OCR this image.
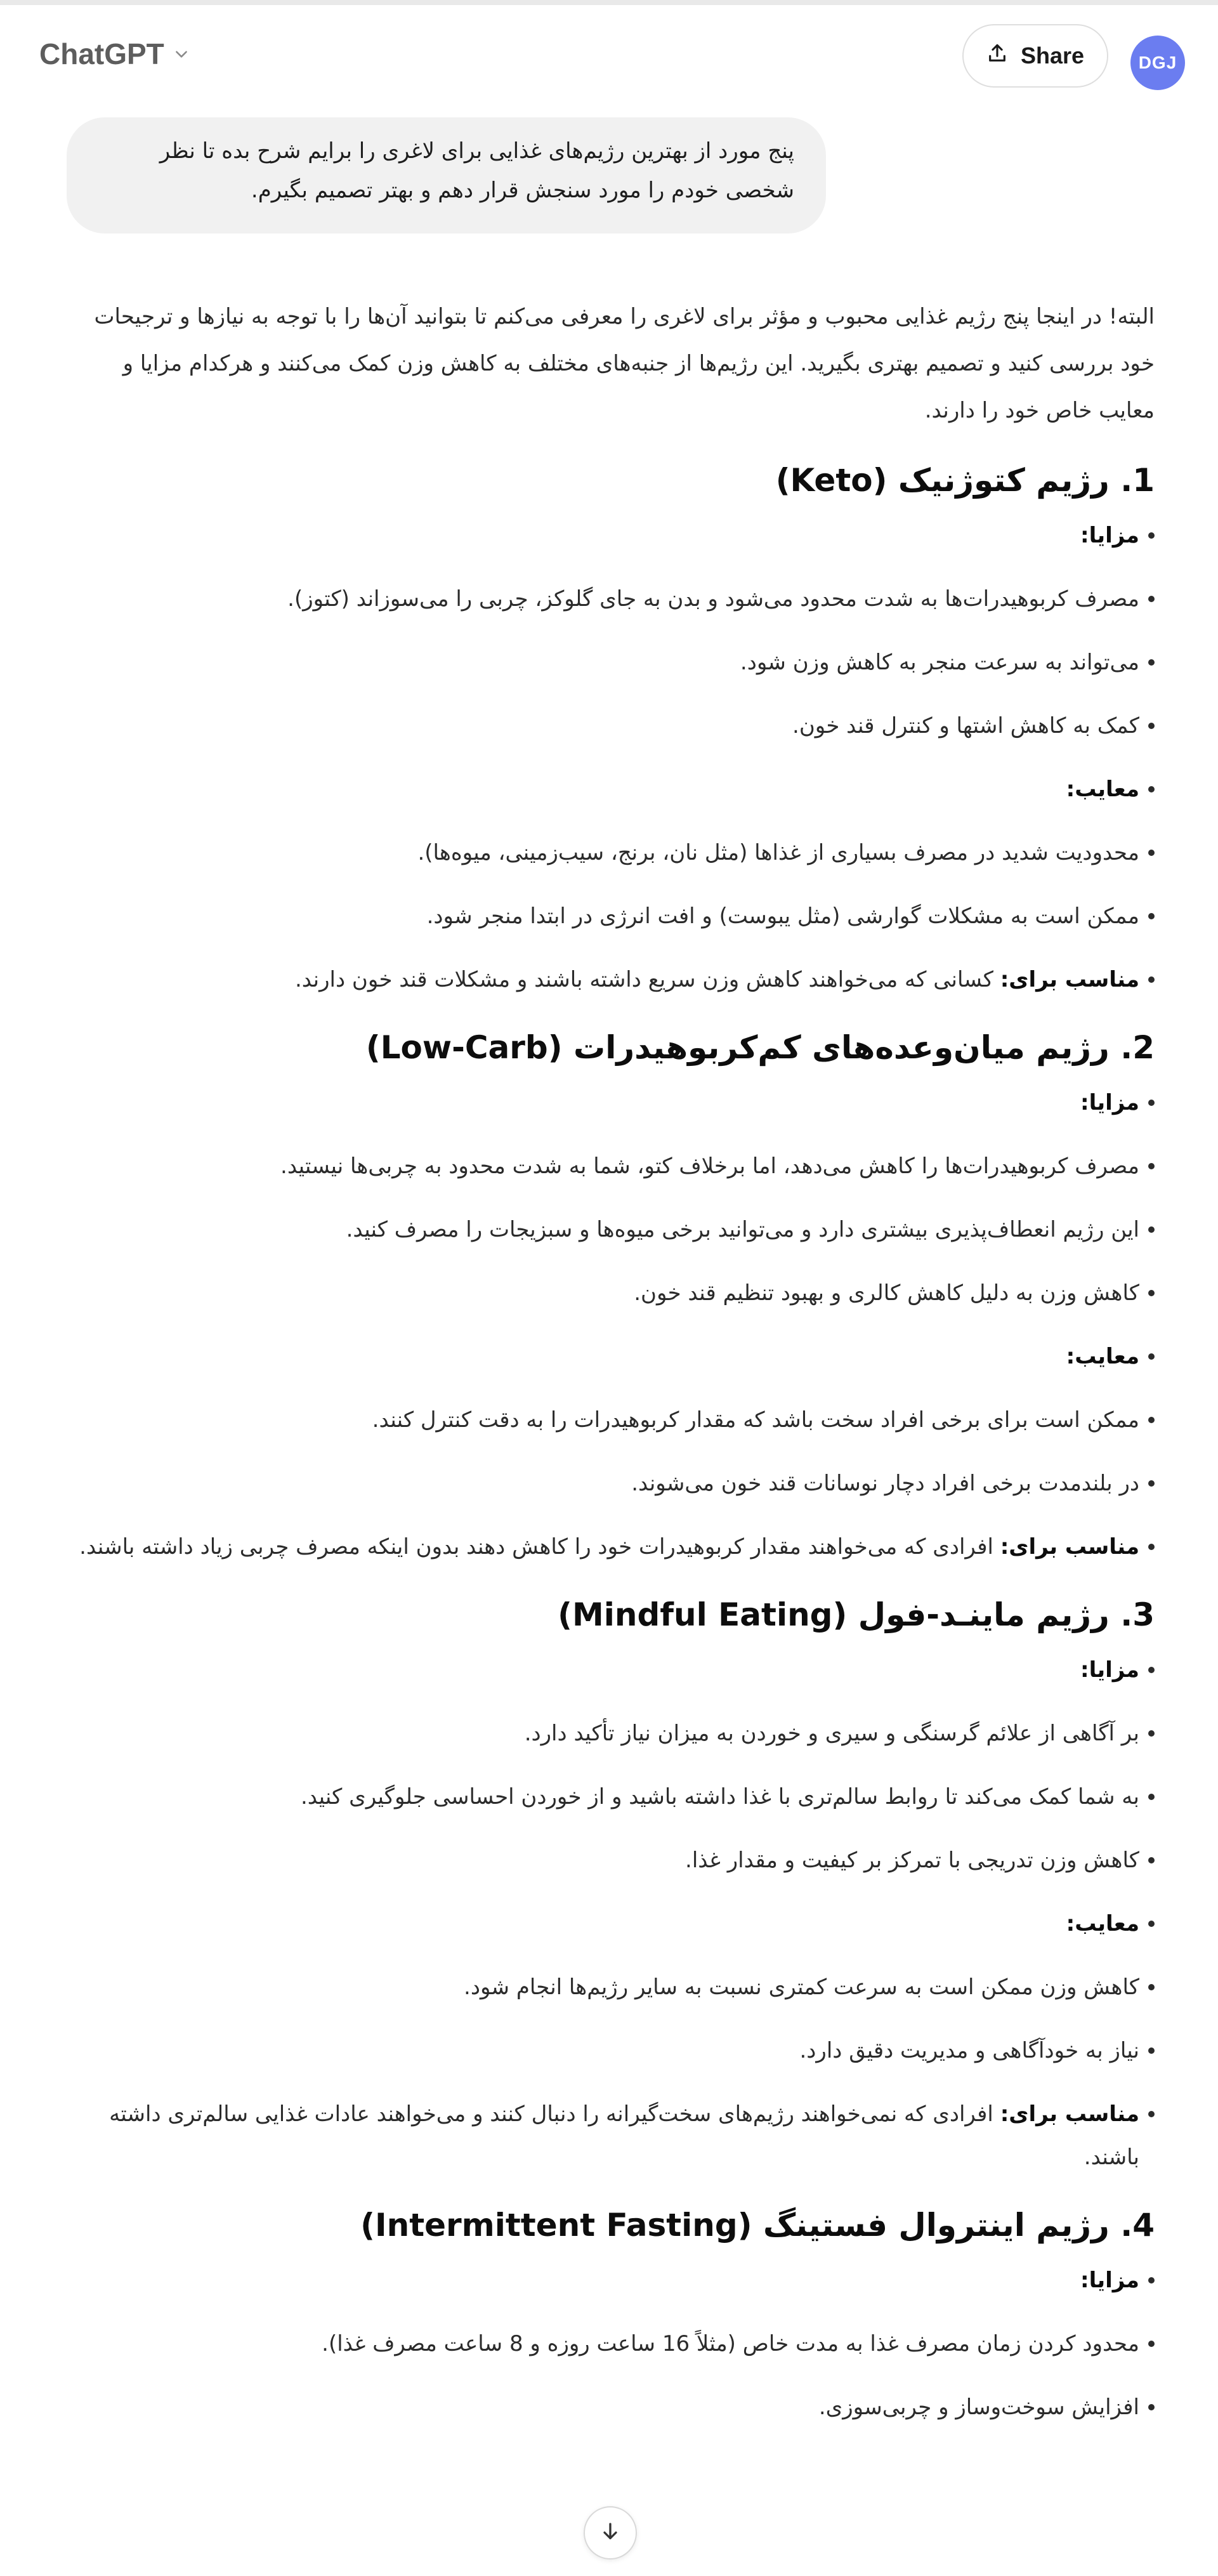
ChatGPT	Share	DGJ
پنج مورد از بهترین رژیم‌های غذایی برای لاغری را برایم شرح بده تا نظر شخصی خودم را مورد سنجش قرار دهم و بهتر تصمیم بگیرم.

البته! در اینجا پنج رژیم غذایی محبوب و مؤثر برای لاغری را معرفی می‌کنم تا بتوانید آن‌ها را با توجه به نیازها و ترجیحات خود بررسی کنید و تصمیم بهتری بگیرید. این رژیم‌ها از جنبه‌های مختلف به کاهش وزن کمک می‌کنند و هرکدام مزایا و معایب خاص خود را دارند.

1. رژیم کتوژنیک (Keto)
مزایا:
مصرف کربوهیدرات‌ها به شدت محدود می‌شود و بدن به جای گلوکز، چربی را می‌سوزاند (کتوز).
می‌تواند به سرعت منجر به کاهش وزن شود.
کمک به کاهش اشتها و کنترل قند خون.
معایب:
محدودیت شدید در مصرف بسیاری از غذاها (مثل نان، برنج، سیب‌زمینی، میوه‌ها).
ممکن است به مشکلات گوارشی (مثل یبوست) و افت انرژی در ابتدا منجر شود.
مناسب برای: کسانی که می‌خواهند کاهش وزن سریع داشته باشند و مشکلات قند خون دارند.
2. رژیم میان‌وعده‌های کم‌کربوهیدرات (Low-Carb)
مزایا:
مصرف کربوهیدرات‌ها را کاهش می‌دهد، اما برخلاف کتو، شما به شدت محدود به چربی‌ها نیستید.
این رژیم انعطاف‌پذیری بیشتری دارد و می‌توانید برخی میوه‌ها و سبزیجات را مصرف کنید.
کاهش وزن به دلیل کاهش کالری و بهبود تنظیم قند خون.
معایب:
ممکن است برای برخی افراد سخت باشد که مقدار کربوهیدرات را به دقت کنترل کنند.
در بلندمدت برخی افراد دچار نوسانات قند خون می‌شوند.
مناسب برای: افرادی که می‌خواهند مقدار کربوهیدرات خود را کاهش دهند بدون اینکه مصرف چربی زیاد داشته باشند.
3. رژیم ماینـد-فول (Mindful Eating)
مزایا:
بر آگاهی از علائم گرسنگی و سیری و خوردن به میزان نیاز تأکید دارد.
به شما کمک می‌کند تا روابط سالم‌تری با غذا داشته باشید و از خوردن احساسی جلوگیری کنید.
کاهش وزن تدریجی با تمرکز بر کیفیت و مقدار غذا.
معایب:
کاهش وزن ممکن است به سرعت کمتری نسبت به سایر رژیم‌ها انجام شود.
نیاز به خودآگاهی و مدیریت دقیق دارد.
مناسب برای: افرادی که نمی‌خواهند رژیم‌های سخت‌گیرانه را دنبال کنند و می‌خواهند عادات غذایی سالم‌تری داشته باشند.
4. رژیم اینتروال فستینگ (Intermittent Fasting)
مزایا:
محدود کردن زمان مصرف غذا به مدت خاص (مثلاً 16 ساعت روزه و 8 ساعت مصرف غذا).
افزایش سوخت‌وساز و چربی‌سوزی.
